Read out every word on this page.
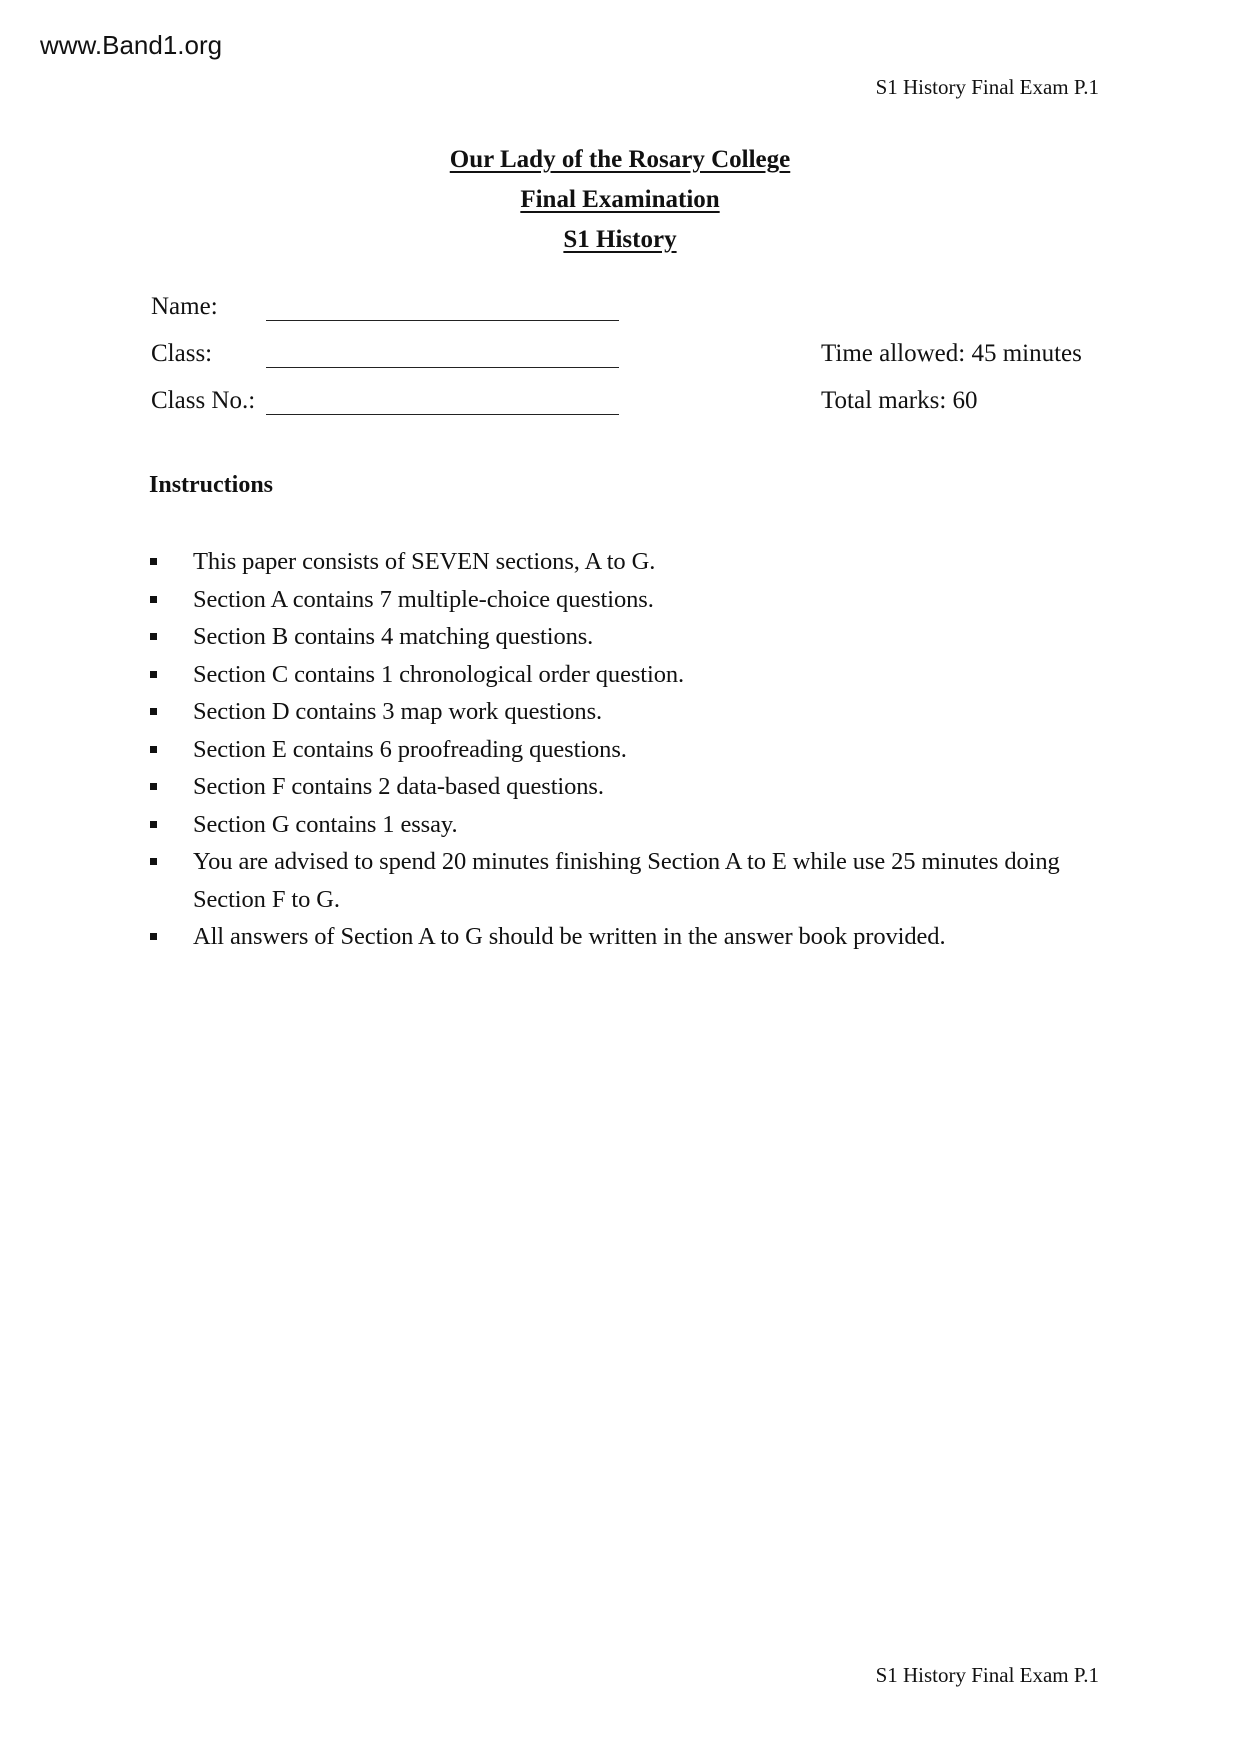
www.Band1.org
S1 History Final Exam P.1
Our Lady of the Rosary College
Final Examination
S1 History
Name:
Class:
Class No.:
Time allowed: 45 minutes
Total marks: 60
Instructions
This paper consists of SEVEN sections, A to G.
Section A contains 7 multiple-choice questions.
Section B contains 4 matching questions.
Section C contains 1 chronological order question.
Section D contains 3 map work questions.
Section E contains 6 proofreading questions.
Section F contains 2 data-based questions.
Section G contains 1 essay.
You are advised to spend 20 minutes finishing Section A to E while use 25 minutes doing Section F to G.
All answers of Section A to G should be written in the answer book provided.
S1 History Final Exam P.1
